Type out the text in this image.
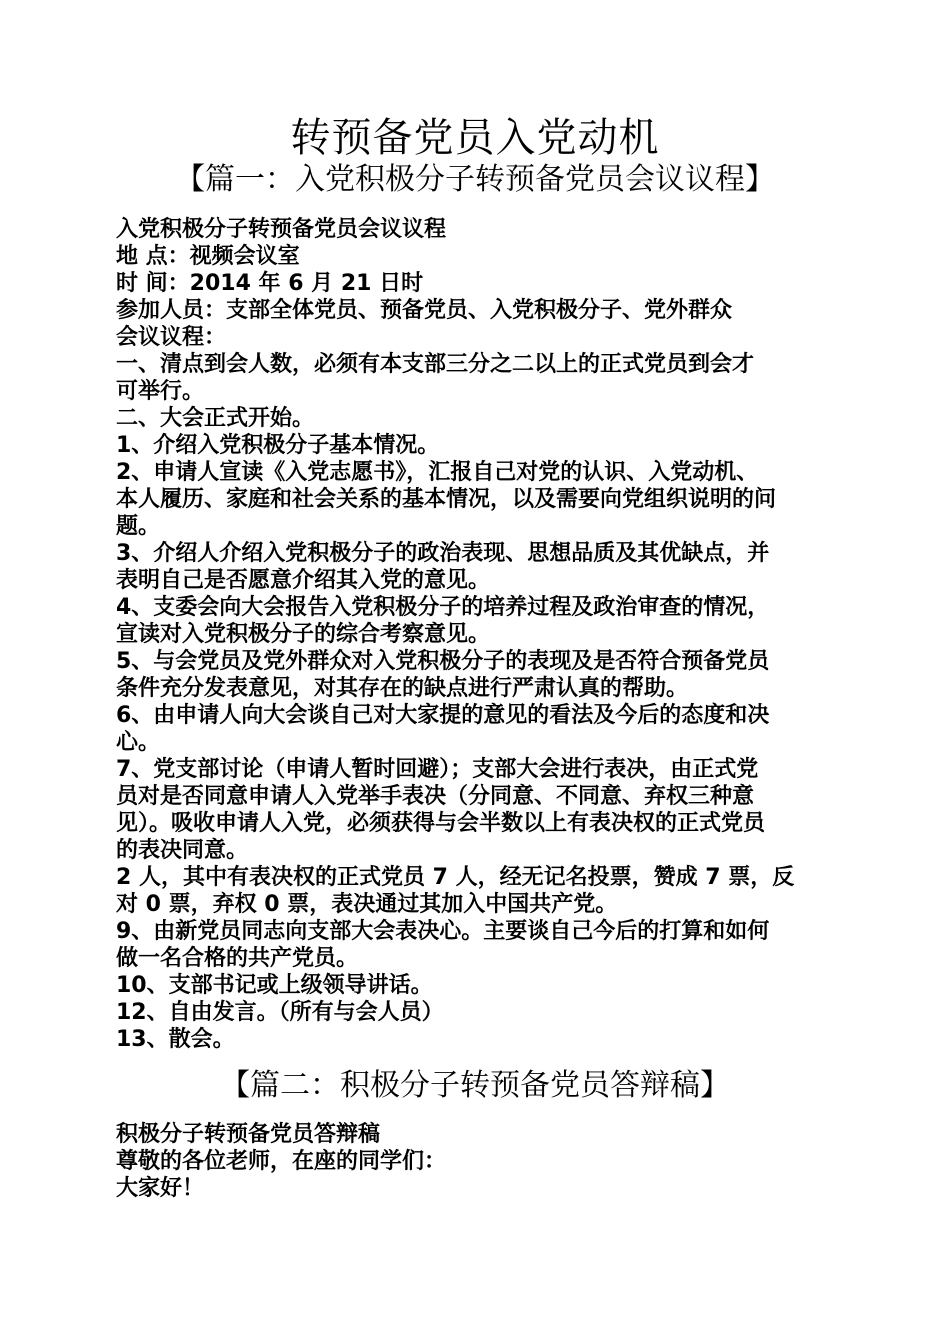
转预备党员入党动机
【篇一：入党积极分子转预备党员会议议程】
入党积极分子转预备党员会议议程
地 点：视频会议室
时 间：2014 年 6 月 21 日时
参加人员：支部全体党员、预备党员、入党积极分子、党外群众
会议议程：
一、清点到会人数，必须有本支部三分之二以上的正式党员到会才
可举行。
二、大会正式开始。
1、介绍入党积极分子基本情况。
2、申请人宣读《入党志愿书》，汇报自己对党的认识、入党动机、
本人履历、家庭和社会关系的基本情况，以及需要向党组织说明的问
题。
3、介绍人介绍入党积极分子的政治表现、思想品质及其优缺点，并
表明自己是否愿意介绍其入党的意见。
4、支委会向大会报告入党积极分子的培养过程及政治审查的情况，
宣读对入党积极分子的综合考察意见。
5、与会党员及党外群众对入党积极分子的表现及是否符合预备党员
条件充分发表意见，对其存在的缺点进行严肃认真的帮助。
6、由申请人向大会谈自己对大家提的意见的看法及今后的态度和决
心。
7、党支部讨论（申请人暂时回避）；支部大会进行表决，由正式党
员对是否同意申请人入党举手表决（分同意、不同意、弃权三种意
见）。吸收申请人入党，必须获得与会半数以上有表决权的正式党员
的表决同意。
2 人，其中有表决权的正式党员 7 人，经无记名投票，赞成 7 票，反
对 0 票，弃权 0 票，表决通过其加入中国共产党。
9、由新党员同志向支部大会表决心。主要谈自己今后的打算和如何
做一名合格的共产党员。
10、支部书记或上级领导讲话。
12、自由发言。（所有与会人员）
13、散会。
【篇二：积极分子转预备党员答辩稿】
积极分子转预备党员答辩稿
尊敬的各位老师，在座的同学们：
大家好！
